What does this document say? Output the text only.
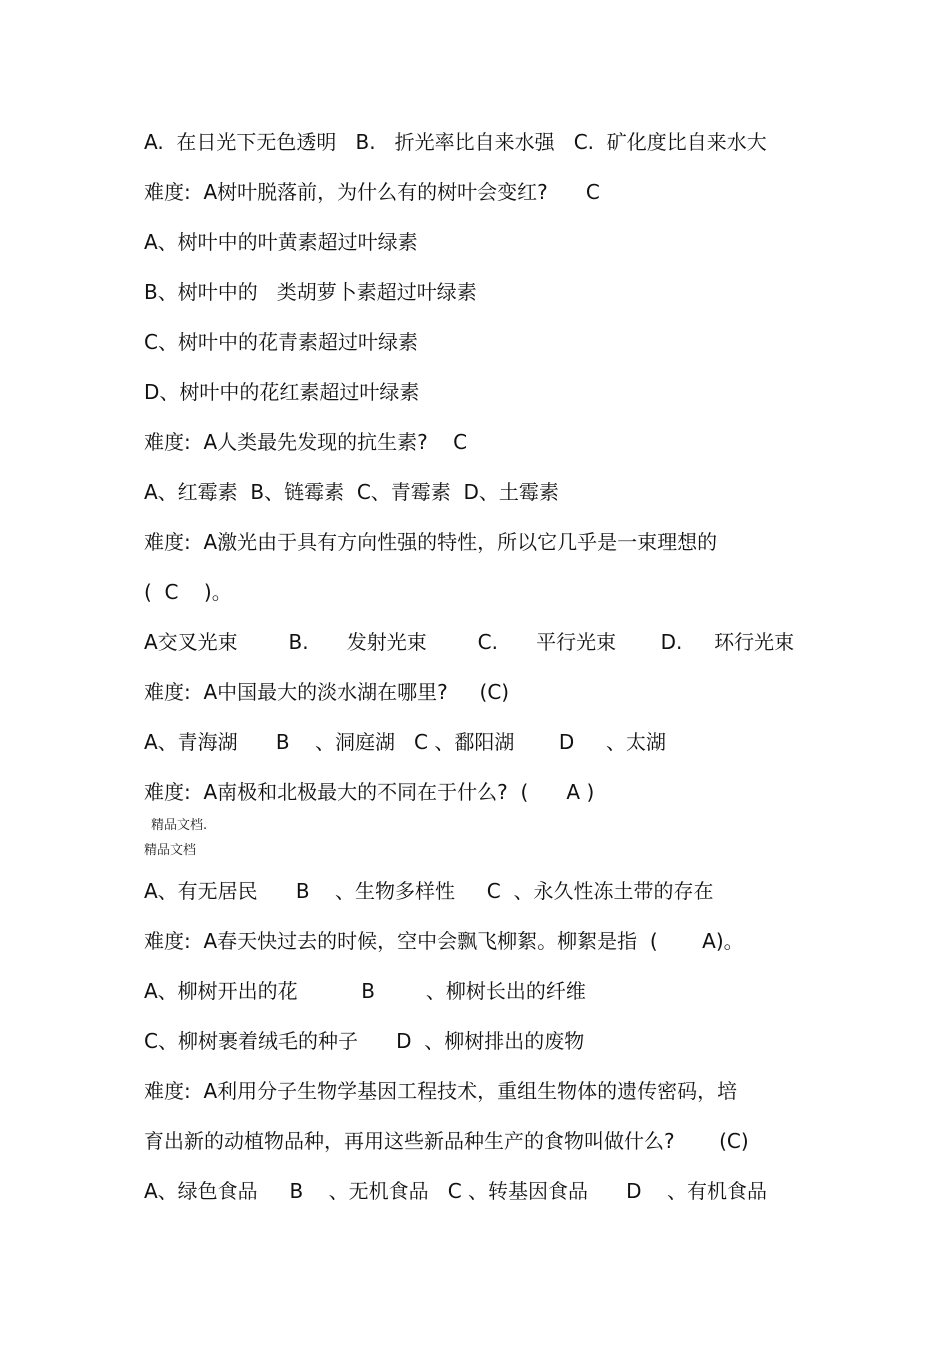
A.  在日光下无色透明   B.   折光率比自来水强   C.  矿化度比自来水大
难度:  A树叶脱落前，为什么有的树叶会变红?      C
A、树叶中的叶黄素超过叶绿素
B、树叶中的   类胡萝卜素超过叶绿素
C、树叶中的花青素超过叶绿素
D、树叶中的花红素超过叶绿素
难度:  A人类最先发现的抗生素?    C
A、红霉素  B、链霉素  C、青霉素  D、土霉素
难度:  A激光由于具有方向性强的特性，所以它几乎是一束理想的
(  C    )。
A交叉光束        B.      发射光束        C.      平行光束       D.     环行光束
难度:  A中国最大的淡水湖在哪里?     (C)
A、青海湖      B    、洞庭湖   C 、鄱阳湖       D     、太湖
难度:  A南极和北极最大的不同在于什么?  (      A )
精品文档.
精品文档
A、有无居民      B    、生物多样性     C  、永久性冻土带的存在
难度:  A春天快过去的时候，空中会飘飞柳絮。柳絮是指  (       A)。
A、柳树开出的花          B        、柳树长出的纤维
C、柳树裹着绒毛的种子      D  、柳树排出的废物
难度:  A利用分子生物学基因工程技术，重组生物体的遗传密码，培
育出新的动植物品种，再用这些新品种生产的食物叫做什么?       (C)
A、绿色食品     B    、无机食品   C 、转基因食品      D    、有机食品
